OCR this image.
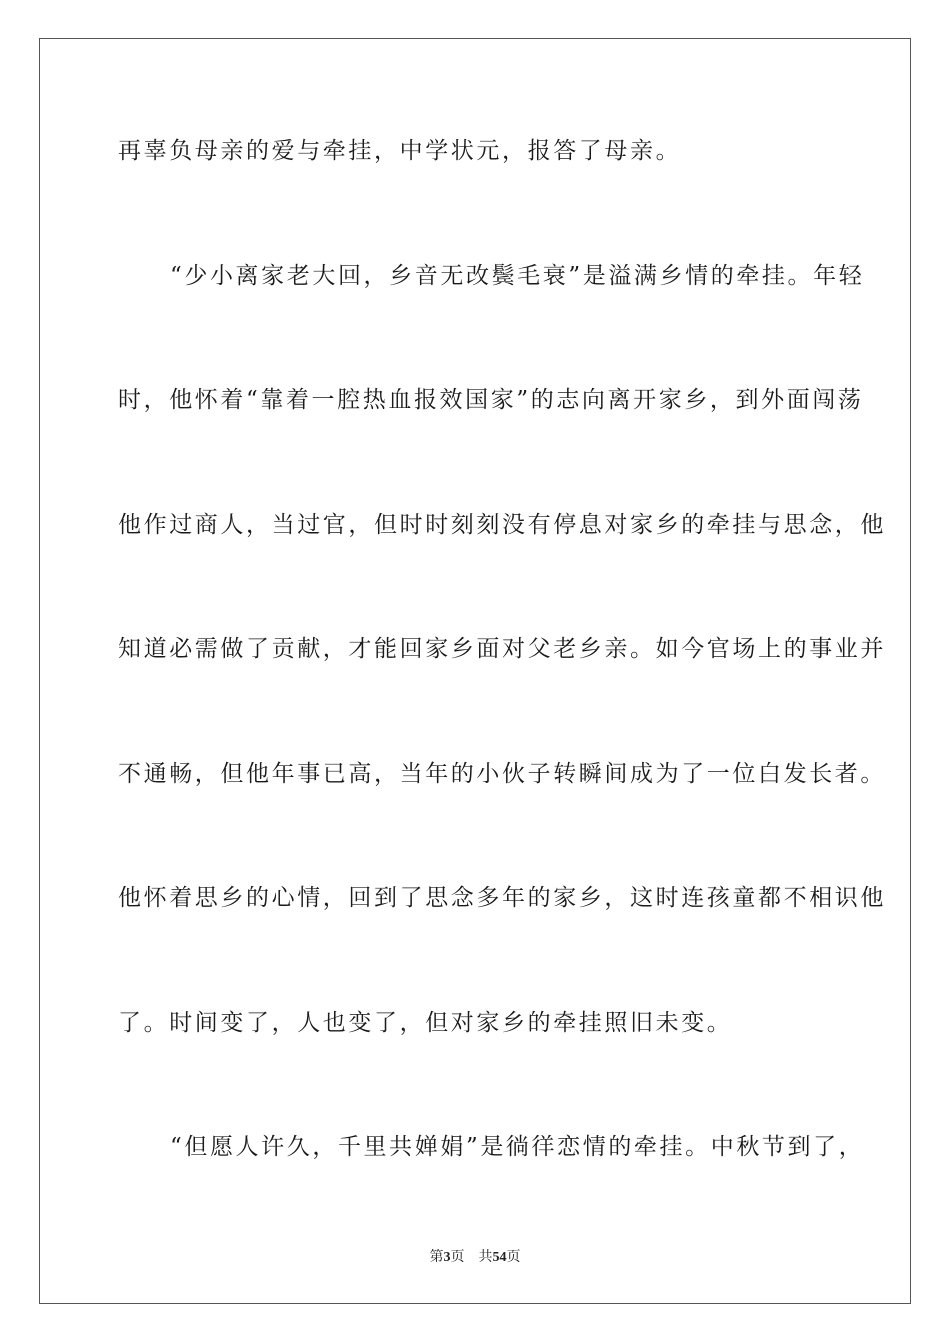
再辜负母亲的爱与牵挂，中学状元，报答了母亲。
“少小离家老大回，乡音无改鬓毛衰”是溢满乡情的牵挂。年轻
时，他怀着“靠着一腔热血报效国家”的志向离开家乡，到外面闯荡
他作过商人，当过官，但时时刻刻没有停息对家乡的牵挂与思念，他
知道必需做了贡献，才能回家乡面对父老乡亲。如今官场上的事业并
不通畅，但他年事已高，当年的小伙子转瞬间成为了一位白发长者。
他怀着思乡的心情，回到了思念多年的家乡，这时连孩童都不相识他
了。时间变了，人也变了，但对家乡的牵挂照旧未变。
“但愿人许久，千里共婵娟”是徜徉恋情的牵挂。中秋节到了，
第3页 共54页
